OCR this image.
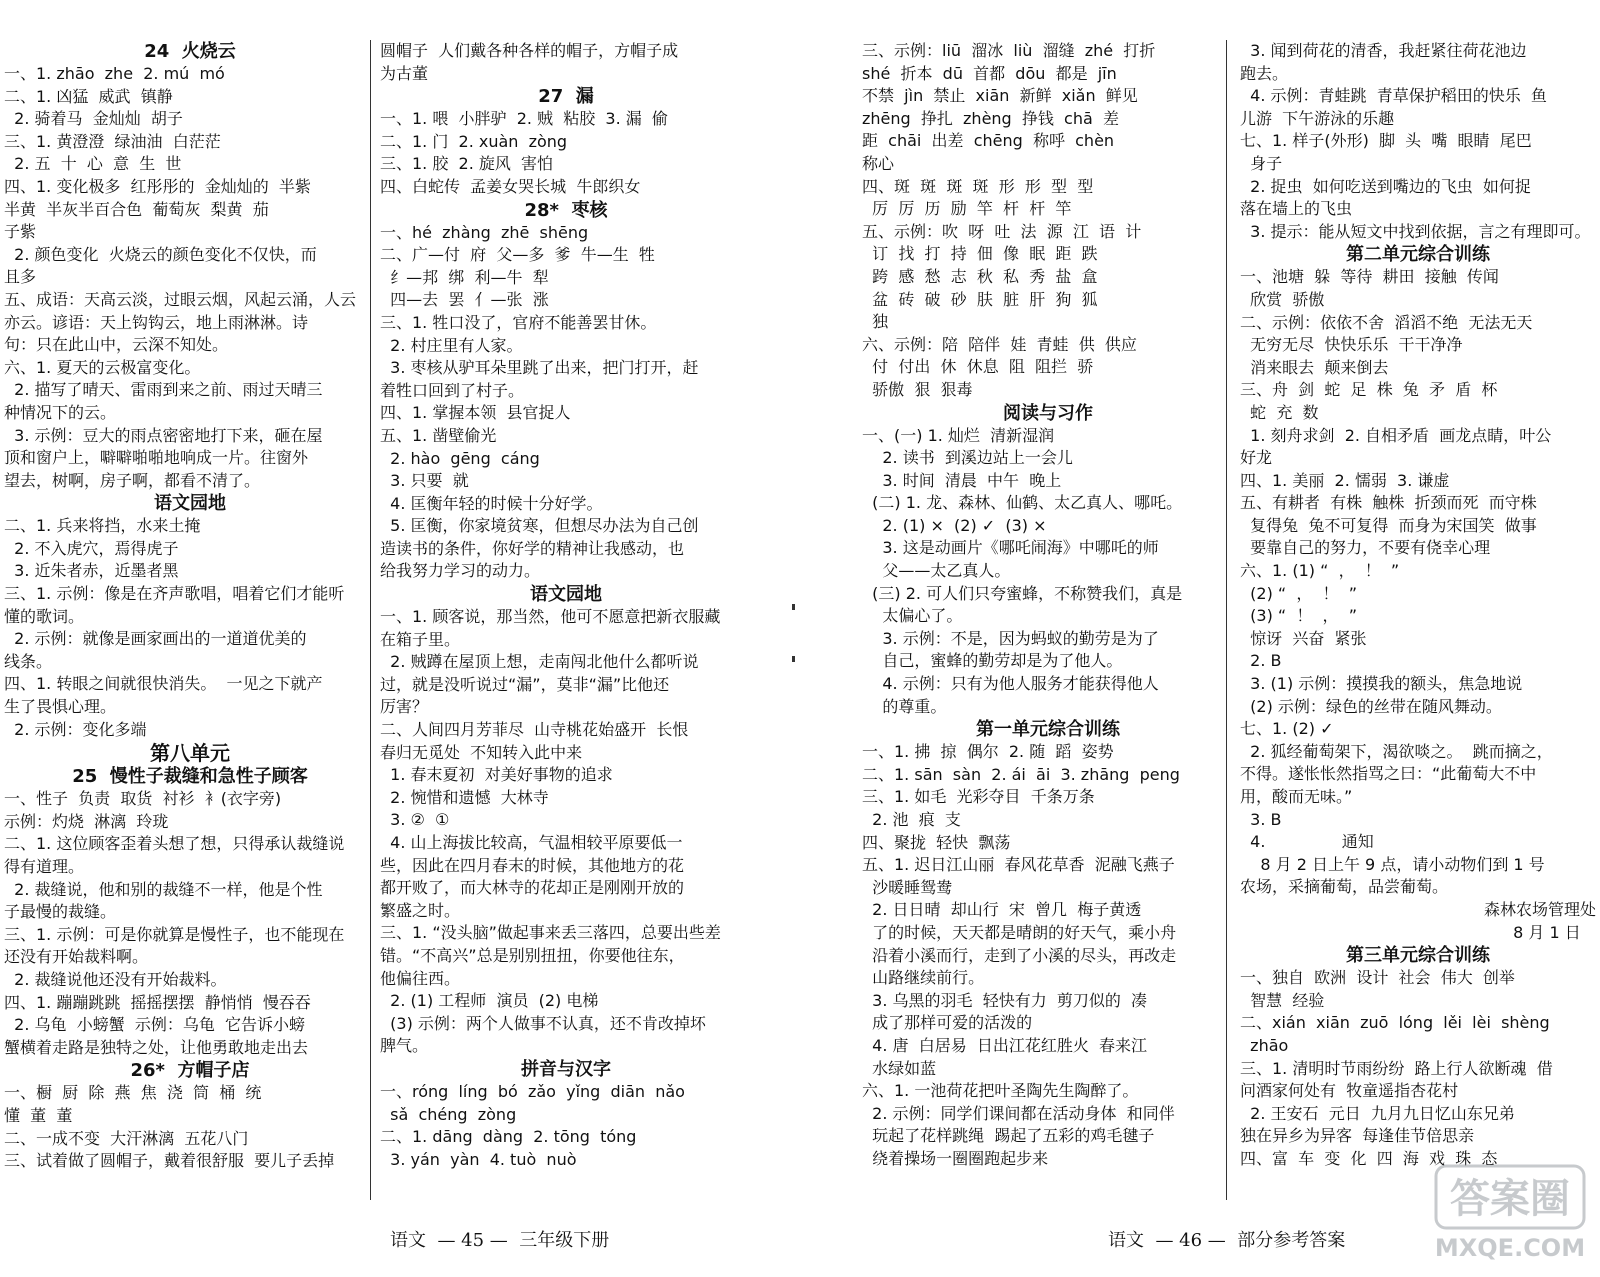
24  火烧云
一、1. zhāo  zhe  2. mú  mó
二、1. 凶猛  威武  镇静
2. 骑着马  金灿灿  胡子
三、1. 黄澄澄  绿油油  白茫茫
2. 五  十  心  意  生  世
四、1. 变化极多  红彤彤的  金灿灿的  半紫
半黄  半灰半百合色  葡萄灰  梨黄  茄
子紫
2. 颜色变化  火烧云的颜色变化不仅快，而
且多
五、成语：天高云淡，过眼云烟，风起云涌，人云
亦云。谚语：天上钩钩云，地上雨淋淋。诗
句：只在此山中，云深不知处。
六、1. 夏天的云极富变化。
2. 描写了晴天、雷雨到来之前、雨过天晴三
种情况下的云。
3. 示例：豆大的雨点密密地打下来，砸在屋
顶和窗户上，噼噼啪啪地响成一片。往窗外
望去，树啊，房子啊，都看不清了。
语文园地
二、1. 兵来将挡，水来土掩
2. 不入虎穴，焉得虎子
3. 近朱者赤，近墨者黑
三、1. 示例：像是在齐声歌唱，唱着它们才能听
懂的歌词。
2. 示例：就像是画家画出的一道道优美的
线条。
四、1. 转眼之间就很快消失。  一见之下就产
生了畏惧心理。
2. 示例：变化多端
第八单元
25  慢性子裁缝和急性子顾客
一、性子  负责  取货  衬衫  衤(衣字旁)
示例：灼烧  淋漓  玲珑
二、1. 这位顾客歪着头想了想，只得承认裁缝说
得有道理。
2. 裁缝说，他和别的裁缝不一样，他是个性
子最慢的裁缝。
三、1. 示例：可是你就算是慢性子，也不能现在
还没有开始裁料啊。
2. 裁缝说他还没有开始裁料。
四、1. 蹦蹦跳跳  摇摇摆摆  静悄悄  慢吞吞
2. 乌龟  小螃蟹  示例：乌龟  它告诉小螃
蟹横着走路是独特之处，让他勇敢地走出去
26*  方帽子店
一、橱  厨  除  燕  焦  浇  筒  桶  统
懂  董  董
二、一成不变  大汗淋漓  五花八门
三、试着做了圆帽子，戴着很舒服  要儿子丢掉
圆帽子  人们戴各种各样的帽子，方帽子成
为古董
27  漏
一、1. 喂  小胖驴  2. 贼  粘胶  3. 漏  偷
二、1. 门  2. xuàn  zòng
三、1. 胶  2. 旋风  害怕
四、白蛇传  孟姜女哭长城  牛郎织女
28*  枣核
一、hé  zhàng  zhē  shēng
二、广—付  府  父—多  爹  牛—生  牲
纟—邦  绑  利—牛  犁
四—去  罢  亻—张  涨
三、1. 牲口没了，官府不能善罢甘休。
2. 村庄里有人家。
3. 枣核从驴耳朵里跳了出来，把门打开，赶
着牲口回到了村子。
四、1. 掌握本领  县官捉人
五、1. 凿壁偷光
2. hào  gēng  cáng
3. 只要  就
4. 匡衡年轻的时候十分好学。
5. 匡衡，你家境贫寒，但想尽办法为自己创
造读书的条件，你好学的精神让我感动，也
给我努力学习的动力。
语文园地
一、1. 顾客说，那当然，他可不愿意把新衣服藏
在箱子里。
2. 贼蹲在屋顶上想，走南闯北他什么都听说
过，就是没听说过“漏”，莫非“漏”比他还
厉害？
二、人间四月芳菲尽  山寺桃花始盛开  长恨
春归无觅处  不知转入此中来
1. 春末夏初  对美好事物的追求
2. 惋惜和遗憾  大林寺
3. ②  ①
4. 山上海拔比较高，气温相较平原要低一
些，因此在四月春末的时候，其他地方的花
都开败了，而大林寺的花却正是刚刚开放的
繁盛之时。
三、1. “没头脑”做起事来丢三落四，总要出些差
错。“不高兴”总是别别扭扭，你要他往东，
他偏往西。
2. (1) 工程师  演员  (2) 电梯
(3) 示例：两个人做事不认真，还不肯改掉坏
脾气。
拼音与汉字
一、róng  líng  bó  zǎo  yǐng  diān  nǎo
sǎ  chéng  zòng
二、1. dāng  dàng  2. tōng  tóng
3. yán  yàn  4. tuò  nuò
三、示例：liū  溜冰  liù  溜缝  zhé  打折
shé  折本  dū  首都  dōu  都是  jīn
不禁  jìn  禁止  xiān  新鲜  xiǎn  鲜见
zhēng  挣扎  zhèng  挣钱  chā  差
距  chāi  出差  chēng  称呼  chèn
称心
四、斑  斑  斑  斑  形  形  型  型
厉  厉  历  励  竿  杆  杆  竿
五、示例：吹  呀  吐  法  源  江  语  计
订  找  打  持  佃  像  眠  距  跌
跨  感  愁  志  秋  私  秀  盐  盒
盆  砖  破  砂  肤  脏  肝  狗  狐
独
六、示例：陪  陪伴  娃  青蛙  供  供应
付  付出  休  休息  阻  阻拦  骄
骄傲  狠  狠毒
阅读与习作
一、(一) 1. 灿烂  清新湿润
2. 读书  到溪边站上一会儿
3. 时间  清晨  中午  晚上
(二) 1. 龙、森林、仙鹤、太乙真人、哪吒。
2. (1) ×  (2) ✓  (3) ×
3. 这是动画片《哪吒闹海》中哪吒的师
父——太乙真人。
(三) 2. 可人们只夸蜜蜂，不称赞我们，真是
太偏心了。
3. 示例：不是，因为蚂蚁的勤劳是为了
自己，蜜蜂的勤劳却是为了他人。
4. 示例：只有为他人服务才能获得他人
的尊重。
第一单元综合训练
一、1. 拂  掠  偶尔  2. 随  蹈  姿势
二、1. sān  sàn  2. ái  āi  3. zhāng  peng
三、1. 如毛  光彩夺目  千条万条
2. 池  痕  支
四、聚拢  轻快  飘荡
五、1. 迟日江山丽  春风花草香  泥融飞燕子
沙暖睡鸳鸯
2. 日日晴  却山行  宋  曾几  梅子黄透
了的时候，天天都是晴朗的好天气，乘小舟
沿着小溪而行，走到了小溪的尽头，再改走
山路继续前行。
3. 乌黑的羽毛  轻快有力  剪刀似的  凑
成了那样可爱的活泼的
4. 唐  白居易  日出江花红胜火  春来江
水绿如蓝
六、1. 一池荷花把叶圣陶先生陶醉了。
2. 示例：同学们课间都在活动身体  和同伴
玩起了花样跳绳  踢起了五彩的鸡毛毽子
绕着操场一圈圈跑起步来
3. 闻到荷花的清香，我赶紧往荷花池边
跑去。
4. 示例：青蛙跳  青草保护稻田的快乐  鱼
儿游  下午游泳的乐趣
七、1. 样子(外形)  脚  头  嘴  眼睛  尾巴
身子
2. 捉虫  如何吃送到嘴边的飞虫  如何捉
落在墙上的飞虫
3. 提示：能从短文中找到依据，言之有理即可。
第二单元综合训练
一、池塘  躲  等待  耕田  接触  传闻
欣赏  骄傲
二、示例：依依不舍  滔滔不绝  无法无天
无穷无尽  快快乐乐  干干净净
消来眼去  颠来倒去
三、舟  剑  蛇  足  株  兔  矛  盾  杯
蛇  充  数
1. 刻舟求剑  2. 自相矛盾  画龙点睛，叶公
好龙
四、1. 美丽  2. 懦弱  3. 谦虚
五、有耕者  有株  触株  折颈而死  而守株
复得兔  兔不可复得  而身为宋国笑  做事
要靠自己的努力，不要有侥幸心理
六、1. (1) “  ，  ！  ”
(2) “  ，  ！  ”
(3) “  ！  ，  ”
惊讶  兴奋  紧张
2. B
3. (1) 示例：摸摸我的额头，焦急地说
(2) 示例：绿色的丝带在随风舞动。
七、1. (2) ✓
2. 狐经葡萄架下，渴欲啖之。  跳而摘之，
不得。遂怅怅然指骂之曰：“此葡萄大不中
用，酸而无味。”
3. B
4.               通知
8 月 2 日上午 9 点，请小动物们到 1 号
农场，采摘葡萄，品尝葡萄。
森林农场管理处
8 月 1 日
第三单元综合训练
一、独自  欧洲  设计  社会  伟大  创举
智慧  经验
二、xián  xiān  zuō  lóng  lěi  lèi  shèng
zhāo
三、1. 清明时节雨纷纷  路上行人欲断魂  借
问酒家何处有  牧童遥指杏花村
2. 王安石  元日  九月九日忆山东兄弟
独在异乡为异客  每逢佳节倍思亲
四、富  车  变  化  四  海  戏  珠  态
语文  — 45 —  三年级下册	语文  — 46 —  部分参考答案
答案圈
MXQE.COM
